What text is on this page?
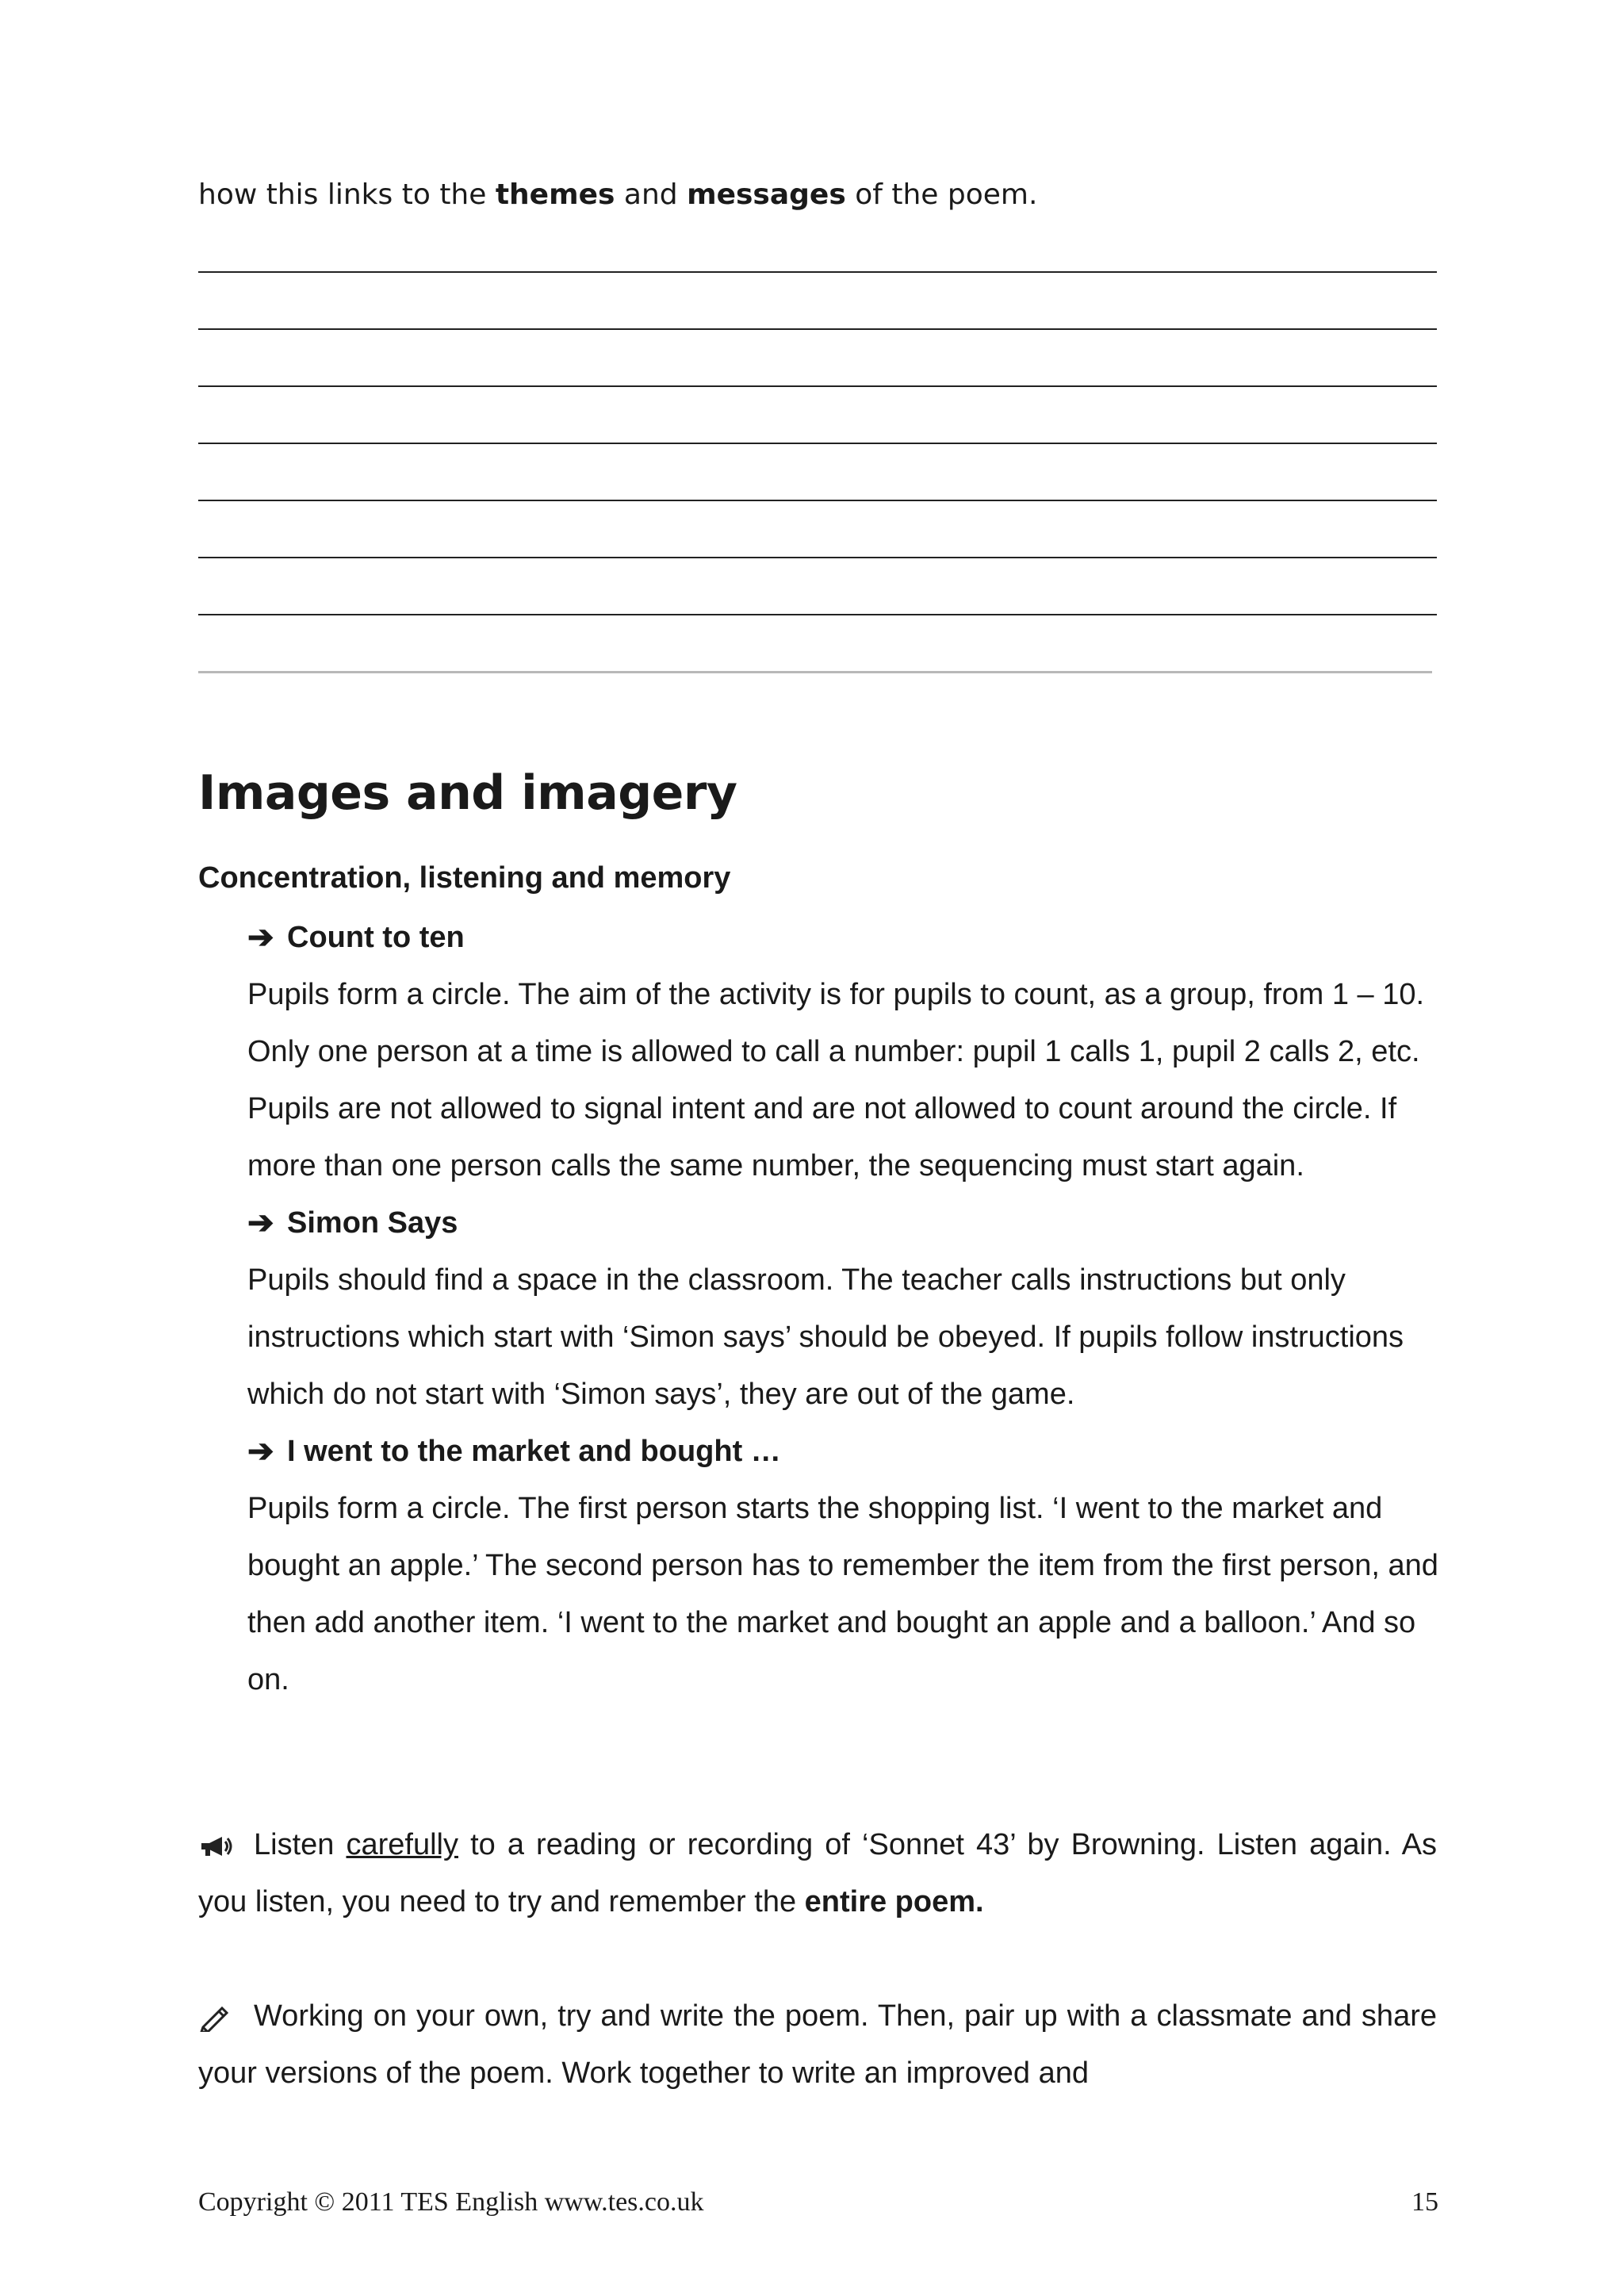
how this links to the themes and messages of the poem.
Images and imagery
Concentration, listening and memory
➔ Count to ten

Pupils form a circle. The aim of the activity is for pupils to count, as a group, from 1 – 10. Only one person at a time is allowed to call a number: pupil 1 calls 1, pupil 2 calls 2, etc. Pupils are not allowed to signal intent and are not allowed to count around the circle. If more than one person calls the same number, the sequencing must start again.

➔ Simon Says

Pupils should find a space in the classroom. The teacher calls instructions but only instructions which start with ‘Simon says’ should be obeyed. If pupils follow instructions which do not start with ‘Simon says’, they are out of the game.

➔ I went to the market and bought …

Pupils form a circle. The first person starts the shopping list. ‘I went to the market and bought an apple.’ The second person has to remember the item from the first person, and then add another item. ‘I went to the market and bought an apple and a balloon.’ And so on.

Listen carefully to a reading or recording of ‘Sonnet 43’ by Browning. Listen again. As you listen, you need to try and remember the entire poem.
Working on your own, try and write the poem. Then, pair up with a classmate and share your versions of the poem. Work together to write an improved and
Copyright © 2011 TES English www.tes.co.uk	15
